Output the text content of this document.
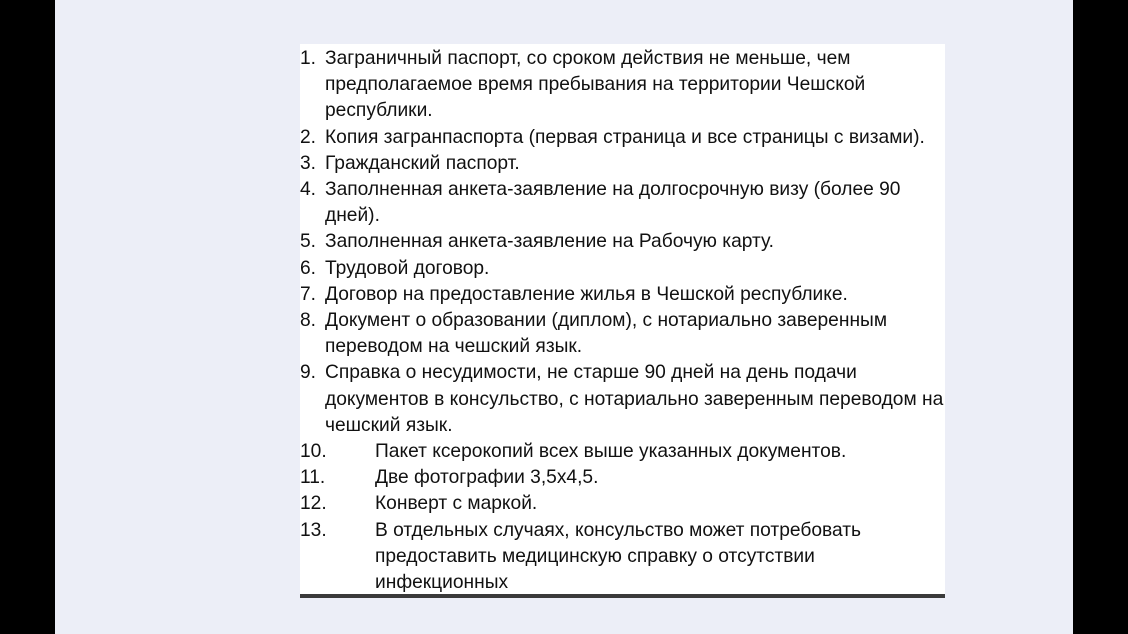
1. Заграничный паспорт, со сроком действия не меньше, чем предполагаемое время пребывания на территории Чешской республики.
2. Копия загранпаспорта (первая страница и все страницы с визами).
3. Гражданский паспорт.
4. Заполненная анкета-заявление на долгосрочную визу (более 90 дней).
5. Заполненная анкета-заявление на Рабочую карту.
6. Трудовой договор.
7. Договор на предоставление жилья в Чешской республике.
8. Документ о образовании (диплом), с нотариально заверенным переводом на чешский язык.
9. Справка о несудимости, не старше 90 дней на день подачи документов в консульство, с нотариально заверенным переводом на чешский язык.
10.	Пакет ксерокопий всех выше указанных документов.
11.	Две фотографии 3,5x4,5.
12.	Конверт с маркой.
13.	В отдельных случаях, консульство может потребовать предоставить медицинскую справку о отсутствии инфекционных
